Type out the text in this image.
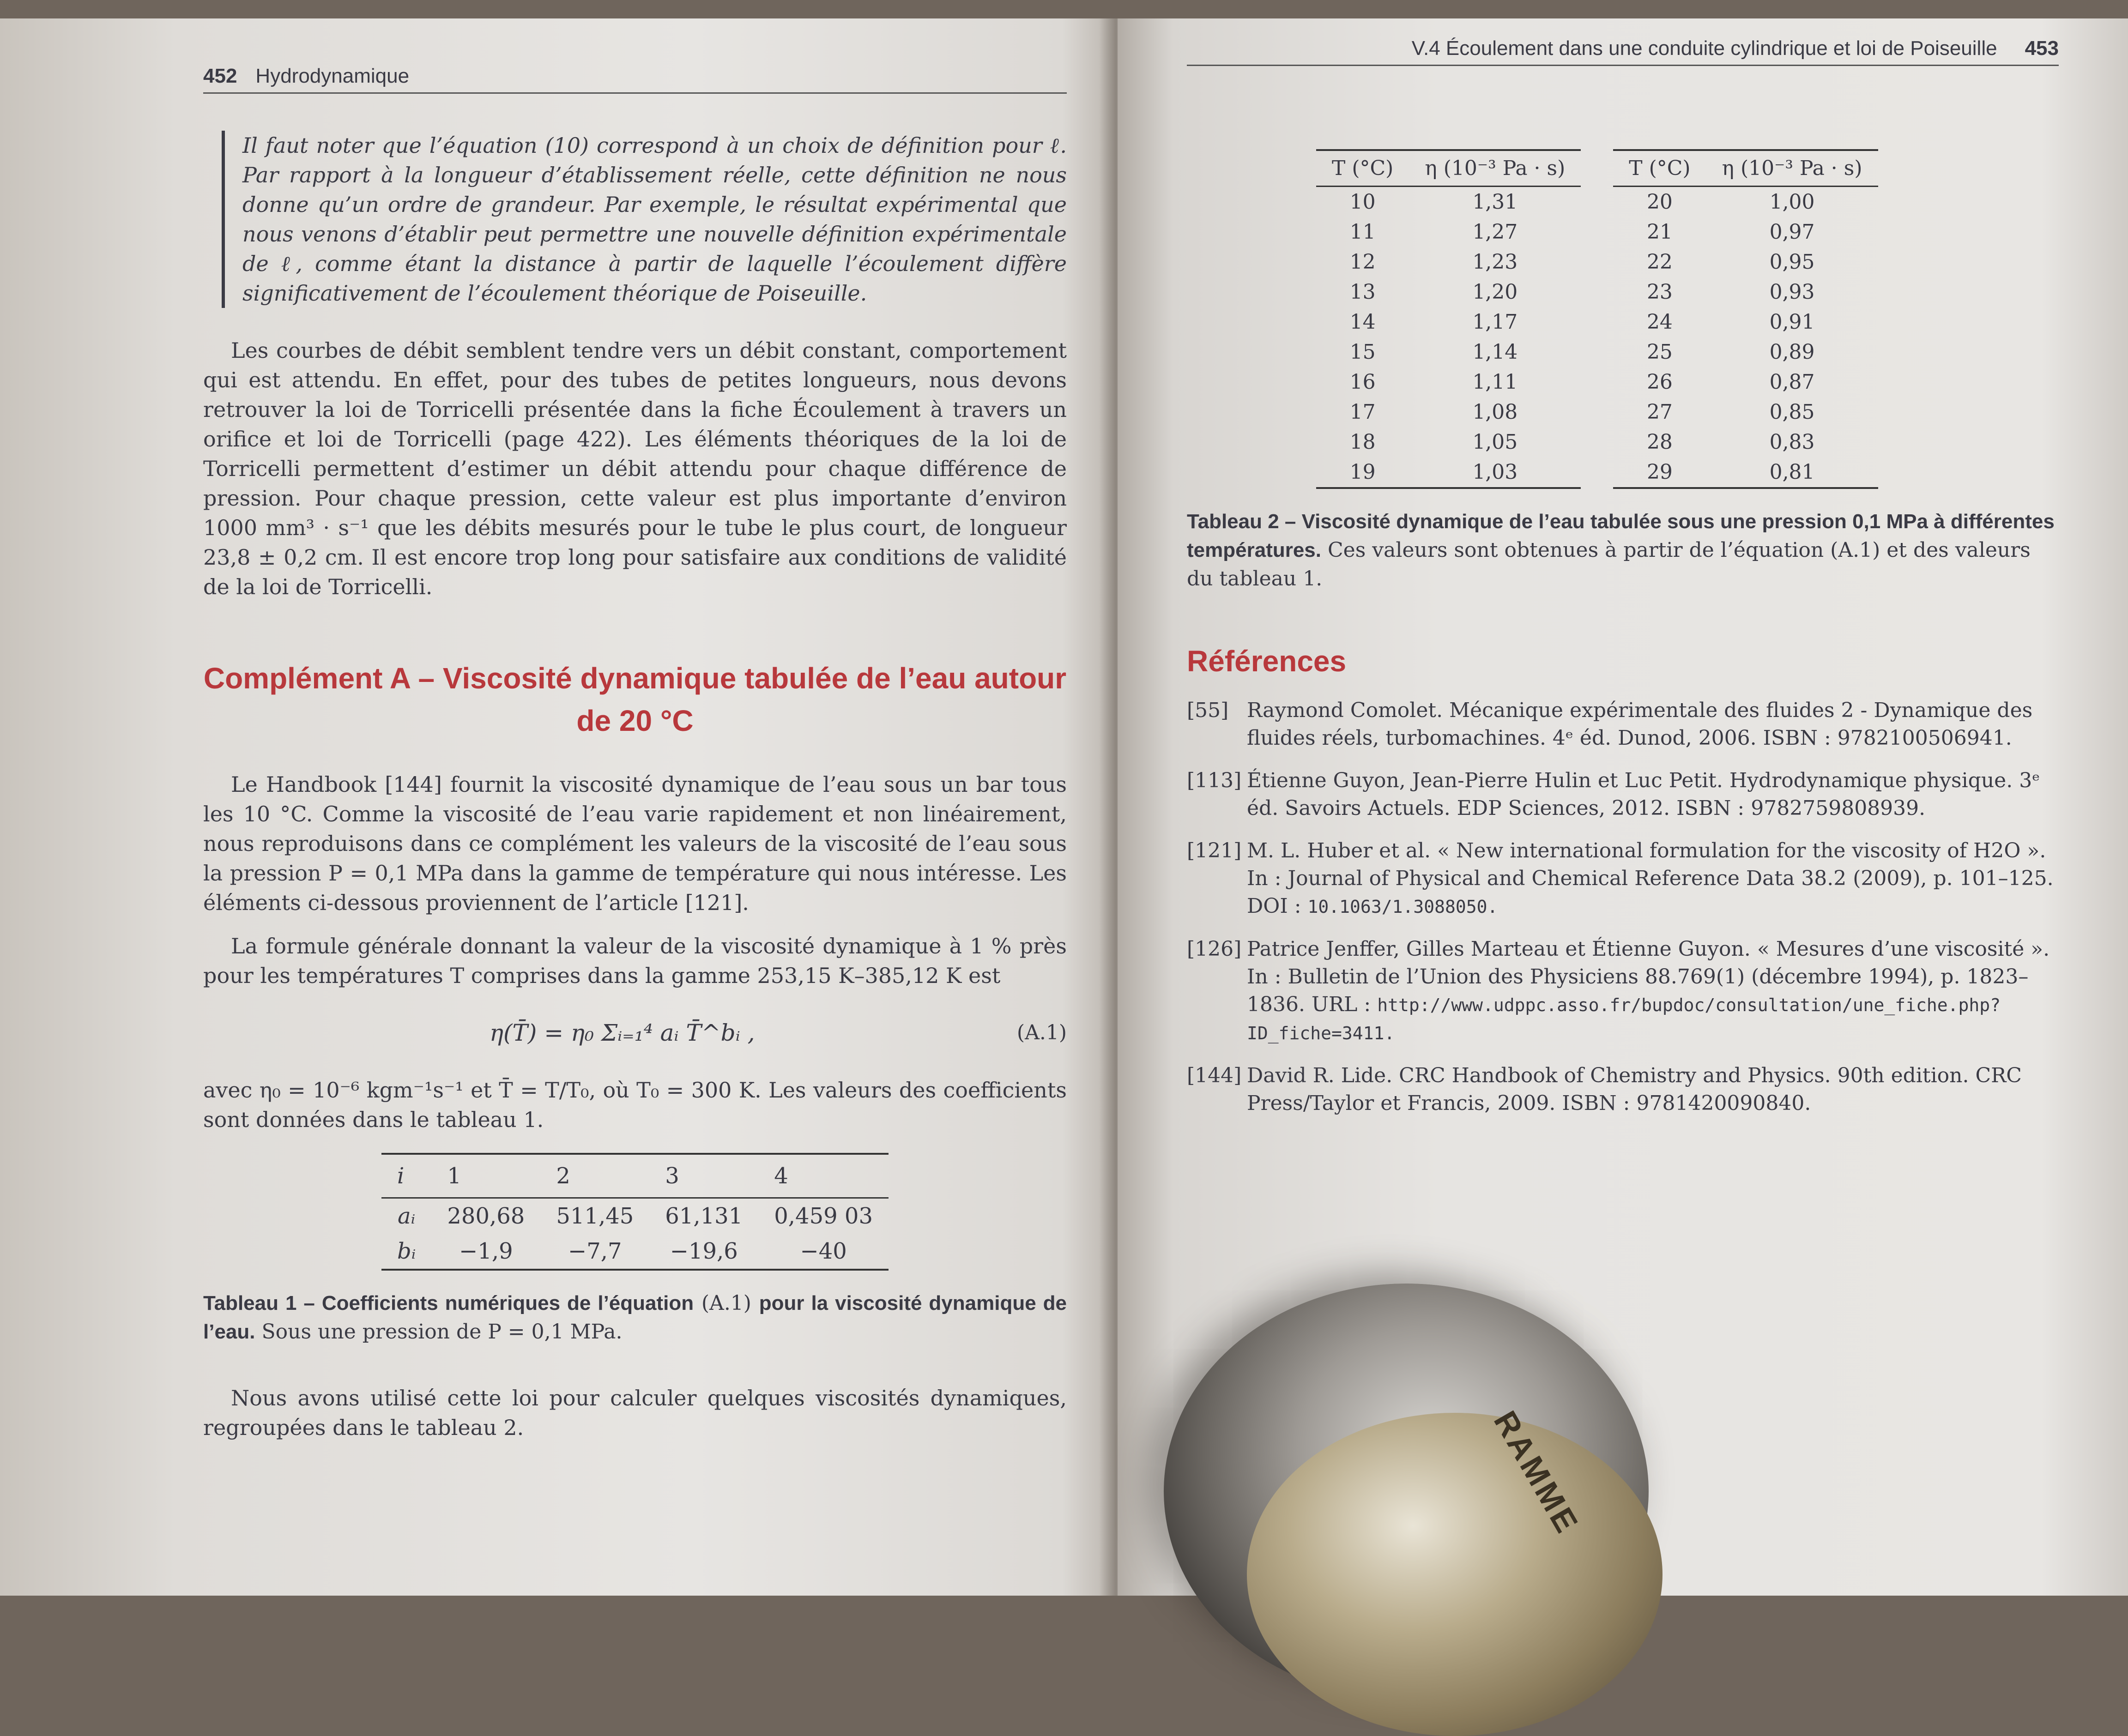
452 Hydrodynamique
Il faut noter que l’équation (10) correspond à un choix de définition pour ℓ. Par rapport à la longueur d’établissement réelle, cette définition ne nous donne qu’un ordre de grandeur. Par exemple, le résultat expérimental que nous venons d’établir peut permettre une nouvelle définition expérimentale de ℓ, comme étant la distance à partir de laquelle l’écoulement diffère significativement de l’écoulement théorique de Poiseuille.

Les courbes de débit semblent tendre vers un débit constant, comportement qui est attendu. En effet, pour des tubes de petites longueurs, nous devons retrouver la loi de Torricelli présentée dans la fiche Écoulement à travers un orifice et loi de Torricelli (page 422). Les éléments théoriques de la loi de Torricelli permettent d’estimer un débit attendu pour chaque différence de pression. Pour chaque pression, cette valeur est plus importante d’environ 1000 mm³ · s⁻¹ que les débits mesurés pour le tube le plus court, de longueur 23,8 ± 0,2 cm. Il est encore trop long pour satisfaire aux conditions de validité de la loi de Torricelli.

Complément A – Viscosité dynamique tabulée de l’eau autour de 20 °C

Le Handbook [144] fournit la viscosité dynamique de l’eau sous un bar tous les 10 °C. Comme la viscosité de l’eau varie rapidement et non linéairement, nous reproduisons dans ce complément les valeurs de la viscosité de l’eau sous la pression P = 0,1 MPa dans la gamme de température qui nous intéresse. Les éléments ci-dessous proviennent de l’article [121].

La formule générale donnant la valeur de la viscosité dynamique à 1 % près pour les températures T comprises dans la gamme 253,15 K–385,12 K est

η(T̄) = η₀ Σᵢ₌₁⁴ aᵢ T̄^bᵢ ,	(A.1)

avec η₀ = 10⁻⁶ kgm⁻¹s⁻¹ et T̄ = T/T₀, où T₀ = 300 K. Les valeurs des coefficients sont données dans le tableau 1.

i	1	2	3	4
aᵢ	280,68	511,45	61,131	0,459 03
bᵢ	−1,9	−7,7	−19,6	−40
Tableau 1 – Coefficients numériques de l’équation (A.1) pour la viscosité dynamique de l’eau. Sous une pression de P = 0,1 MPa.

Nous avons utilisé cette loi pour calculer quelques viscosités dynamiques, regroupées dans le tableau 2.

V.4 Écoulement dans une conduite cylindrique et loi de Poiseuille 453
T (°C)	η (10⁻³ Pa · s)
10	1,31
11	1,27
12	1,23
13	1,20
14	1,17
15	1,14
16	1,11
17	1,08
18	1,05
19	1,03
T (°C)	η (10⁻³ Pa · s)
20	1,00
21	0,97
22	0,95
23	0,93
24	0,91
25	0,89
26	0,87
27	0,85
28	0,83
29	0,81
Tableau 2 – Viscosité dynamique de l’eau tabulée sous une pression 0,1 MPa à différentes températures. Ces valeurs sont obtenues à partir de l’équation (A.1) et des valeurs du tableau 1.
Références
[55] Raymond Comolet. Mécanique expérimentale des fluides 2 - Dynamique des fluides réels, turbomachines. 4ᵉ éd. Dunod, 2006. ISBN : 9782100506941.
[113] Étienne Guyon, Jean-Pierre Hulin et Luc Petit. Hydrodynamique physique. 3ᵉ éd. Savoirs Actuels. EDP Sciences, 2012. ISBN : 9782759808939.
[121] M. L. Huber et al. « New international formulation for the viscosity of H2O ». In : Journal of Physical and Chemical Reference Data 38.2 (2009), p. 101–125. DOI : 10.1063/1.3088050.
[126] Patrice Jenffer, Gilles Marteau et Étienne Guyon. « Mesures d’une viscosité ». In : Bulletin de l’Union des Physiciens 88.769(1) (décembre 1994), p. 1823–1836. URL : http://www.udppc.asso.fr/bupdoc/consultation/une_fiche.php?ID_fiche=3411.
[144] David R. Lide. CRC Handbook of Chemistry and Physics. 90th edition. CRC Press/Taylor et Francis, 2009. ISBN : 9781420090840.
RAMME
